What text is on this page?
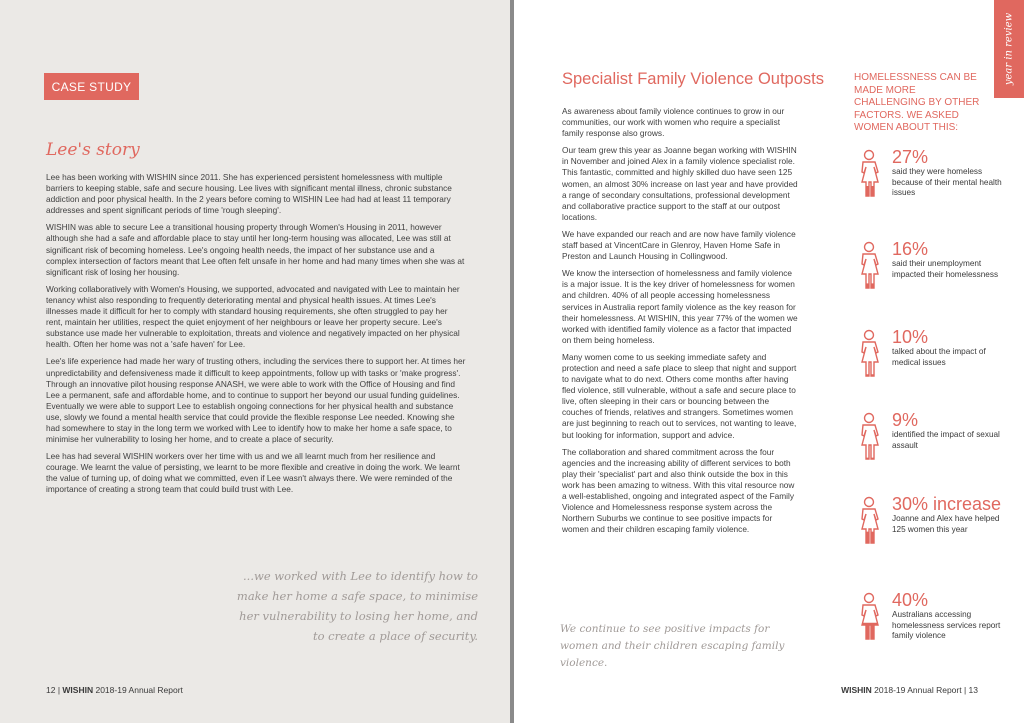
CASE STUDY
Lee's story

Lee has been working with WISHIN since 2011. She has experienced persistent homelessness with multiple barriers to keeping stable, safe and secure housing. Lee lives with significant mental illness, chronic substance addiction and poor physical health. In the 2 years before coming to WISHIN Lee had had at least 11 temporary addresses and spent significant periods of time 'rough sleeping'.

WISHIN was able to secure Lee a transitional housing property through Women's Housing in 2011, however although she had a safe and affordable place to stay until her long-term housing was allocated, Lee was still at significant risk of becoming homeless. Lee's ongoing health needs, the impact of her substance use and a complex intersection of factors meant that Lee often felt unsafe in her home and had many times when she was at significant risk of losing her housing.

Working collaboratively with Women's Housing, we supported, advocated and navigated with Lee to maintain her tenancy whist also responding to frequently deteriorating mental and physical health issues. At times Lee's illnesses made it difficult for her to comply with standard housing requirements, she often struggled to pay her rent, maintain her utilities, respect the quiet enjoyment of her neighbours or leave her property secure. Lee's substance use made her vulnerable to exploitation, threats and violence and negatively impacted on her physical health. Often her home was not a 'safe haven' for Lee.

Lee's life experience had made her wary of trusting others, including the services there to support her. At times her unpredictability and defensiveness made it difficult to keep appointments, follow up with tasks or 'make progress'. Through an innovative pilot housing response ANASH, we were able to work with the Office of Housing and find Lee a permanent, safe and affordable home, and to continue to support her beyond our usual funding guidelines. Eventually we were able to support Lee to establish ongoing connections for her physical health and substance use, slowly we found a mental health service that could provide the flexible response Lee needed. Knowing she had somewhere to stay in the long term we worked with Lee to identify how to make her home a safe space, to minimise her vulnerability to losing her home, and to create a place of security.

Lee has had several WISHIN workers over her time with us and we all learnt much from her resilience and courage. We learnt the value of persisting, we learnt to be more flexible and creative in doing the work. We learnt the value of turning up, of doing what we committed, even if Lee wasn't always there. We were reminded of the importance of creating a strong team that could build trust with Lee.

...we worked with Lee to identify how to make her home a safe space, to minimise her vulnerability to losing her home, and to create a place of security.
12 | WISHIN 2018-19 Annual Report
Specialist Family Violence Outposts

As awareness about family violence continues to grow in our communities, our work with women who require a specialist family response also grows.

Our team grew this year as Joanne began working with WISHIN in November and joined Alex in a family violence specialist role. This fantastic, committed and highly skilled duo have seen 125 women, an almost 30% increase on last year and have provided a range of secondary consultations, professional development and collaborative practice support to the staff at our outpost locations.

We have expanded our reach and are now have family violence staff based at VincentCare in Glenroy, Haven Home Safe in Preston and Launch Housing in Collingwood.

We know the intersection of homelessness and family violence is a major issue. It is the key driver of homelessness for women and children. 40% of all people accessing homelessness services in Australia report family violence as the key reason for their homelessness. At WISHIN, this year 77% of the women we worked with identified family violence as a factor that impacted on them being homeless.

Many women come to us seeking immediate safety and protection and need a safe place to sleep that night and support to navigate what to do next. Others come months after having fled violence, still vulnerable, without a safe and secure place to live, often sleeping in their cars or bouncing between the couches of friends, relatives and strangers. Sometimes women are just beginning to reach out to services, not wanting to leave, but looking for information, support and advice.

The collaboration and shared commitment across the four agencies and the increasing ability of different services to both play their 'specialist' part and also think outside the box in this work has been amazing to witness. With this vital resource now a well-established, ongoing and integrated aspect of the Family Violence and Homelessness response system across the Northern Suburbs we continue to see positive impacts for women and their children escaping family violence.

We continue to see positive impacts for women and their children escaping family violence.
year in review
HOMELESSNESS CAN BE MADE MORE CHALLENGING BY OTHER FACTORS. WE ASKED WOMEN ABOUT THIS:
27%
said they were homeless because of their mental health issues
16%
said their unemployment impacted their homelessness
10%
talked about the impact of medical issues
9%
identified the impact of sexual assault
30% increase
Joanne and Alex have helped 125 women this year
40%
Australians accessing homelessness services report family violence
WISHIN 2018-19 Annual Report | 13
